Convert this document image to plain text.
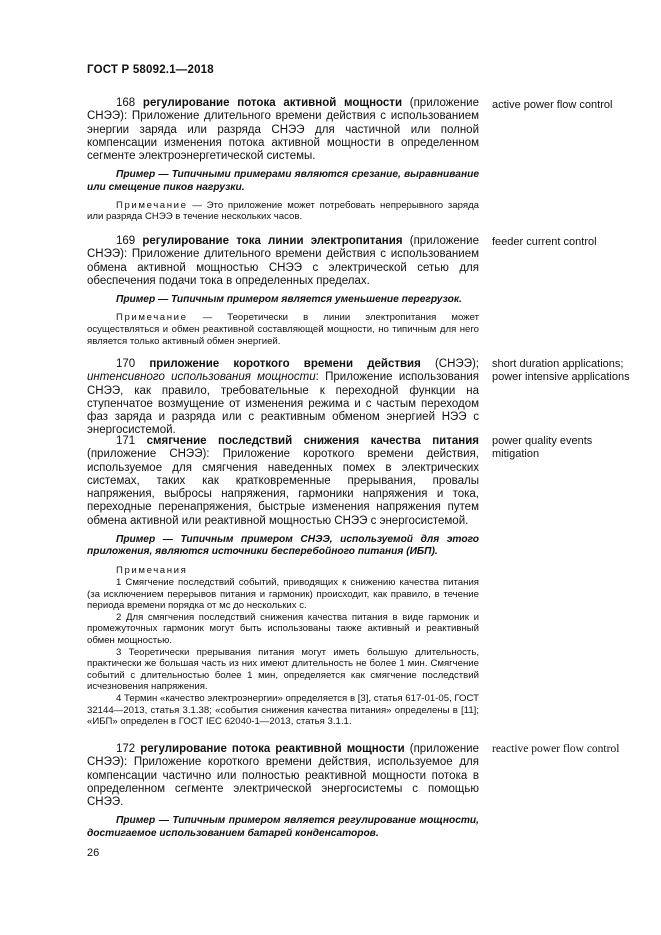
ГОСТ Р 58092.1—2018

168 регулирование потока активной мощности (приложение СНЭЭ): Приложение длительного времени действия с использованием энергии заряда или разряда СНЭЭ для частичной или полной компенсации изменения потока активной мощности в определенном сегменте электроэнергетической системы.

Пример — Типичными примерами являются срезание, выравнивание или смещение пиков нагрузки.

Примечание — Это приложение может потребовать непрерывного заряда или разряда СНЭЭ в течение нескольких часов.

active power flow control

169 регулирование тока линии электропитания (приложение СНЭЭ): Приложение длительного времени действия с использованием обмена активной мощностью СНЭЭ с электрической сетью для обеспечения подачи тока в определенных пределах.

Пример — Типичным примером является уменьшение перегрузок.

Примечание — Теоретически в линии электропитания может осуществляться и обмен реактивной составляющей мощности, но типичным для него является только активный обмен энергией.

feeder current control

170 приложение короткого времени действия (СНЭЭ); интенсивного использования мощности: Приложение использования СНЭЭ, как правило, требовательные к переходной функции на ступенчатое возмущение от изменения режима и с частым переходом фаз заряда и разряда или с реактивным обменом энергией НЭЭ с энергосистемой.

short duration applications;
power intensive applications

171 смягчение последствий снижения качества питания (приложение СНЭЭ): Приложение короткого времени действия, используемое для смягчения наведенных помех в электрических системах, таких как кратковременные прерывания, провалы напряжения, выбросы напряжения, гармоники напряжения и тока, переходные перенапряжения, быстрые изменения напряжения путем обмена активной или реактивной мощностью СНЭЭ с энергосистемой.

Пример — Типичным примером СНЭЭ, используемой для этого приложения, являются источники бесперебойного питания (ИБП).

Примечания

1 Смягчение последствий событий, приводящих к снижению качества питания (за исключением перерывов питания и гармоник) происходит, как правило, в течение периода времени порядка от мс до нескольких с.

2 Для смягчения последствий снижения качества питания в виде гармоник и промежуточных гармоник могут быть использованы также активный и реактивный обмен мощностью.

3 Теоретически прерывания питания могут иметь большую длительность, практически же большая часть из них имеют длительность не более 1 мин. Смягчение событий с длительностью более 1 мин, определяется как смягчение последствий исчезновения напряжения.

4 Термин «качество электроэнергии» определяется в [3], статья 617-01-05, ГОСТ 32144—2013, статья 3.1.38; «события снижения качества питания» определены в [11]; «ИБП» определен в ГОСТ IEC 62040-1—2013, статья 3.1.1.

power quality events mitigation

172 регулирование потока реактивной мощности (приложение СНЭЭ): Приложение короткого времени действия, используемое для компенсации частично или полностью реактивной мощности потока в определенном сегменте электрической энергосистемы с помощью СНЭЭ.

Пример — Типичным примером является регулирование мощности, достигаемое использованием батарей конденсаторов.

reactive power flow control
26
